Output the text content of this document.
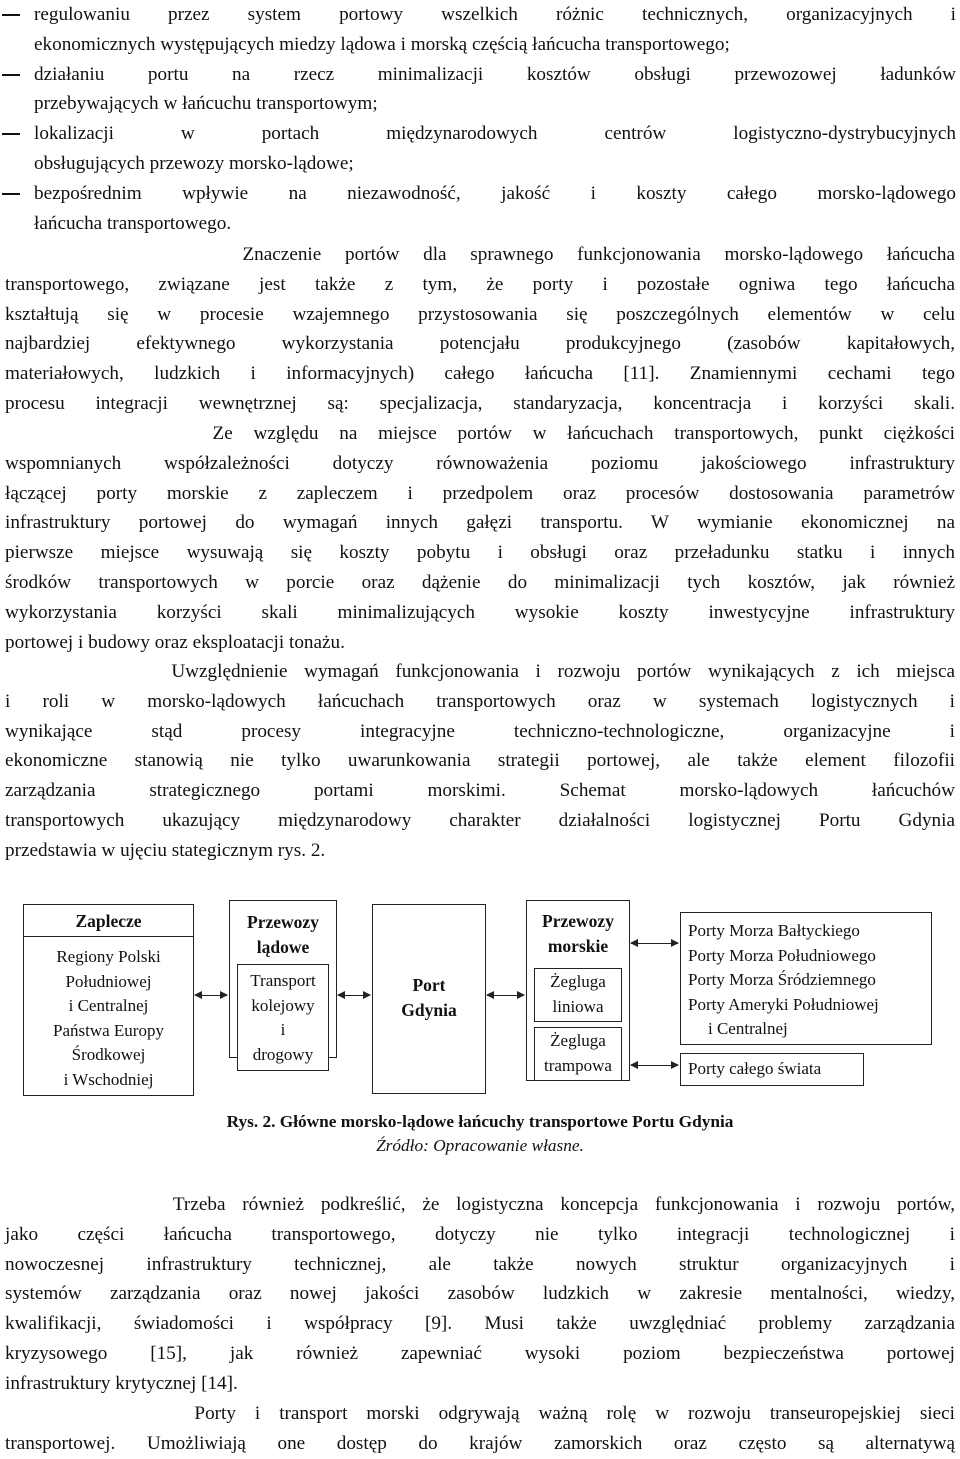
regulowaniu przez system portowy wszelkich różnic technicznych, organizacyjnych i
ekonomicznych występujących miedzy lądowa i morską częścią łańcucha transportowego;

działaniu portu na rzecz minimalizacji kosztów obsługi przewozowej ładunków
przebywających w łańcuchu transportowym;

lokalizacji w portach międzynarodowych centrów logistyczno-dystrybucyjnych
obsługujących przewozy morsko-lądowe;

bezpośrednim wpływie na niezawodność, jakość i koszty całego morsko-lądowego
łańcucha transportowego.

Znaczenie portów dla sprawnego funkcjonowania morsko-lądowego łańcucha
transportowego, związane jest także z tym, że porty i pozostałe ogniwa tego łańcucha
kształtują się w procesie wzajemnego przystosowania się poszczególnych elementów w celu
najbardziej efektywnego wykorzystania potencjału produkcyjnego (zasobów kapitałowych,
materiałowych, ludzkich i informacyjnych) całego łańcucha [11]. Znamiennymi cechami tego
procesu integracji wewnętrznej są: specjalizacja, standaryzacja, koncentracja i korzyści skali.
Ze względu na miejsce portów w łańcuchach transportowych, punkt ciężkości
wspomnianych współzależności dotyczy równoważenia poziomu jakościowego infrastruktury
łączącej porty morskie z zapleczem i przedpolem oraz procesów dostosowania parametrów
infrastruktury portowej do wymagań innych gałęzi transportu. W wymianie ekonomicznej na
pierwsze miejsce wysuwają się koszty pobytu i obsługi oraz przeładunku statku i innych
środków transportowych w porcie oraz dążenie do minimalizacji tych kosztów, jak również
wykorzystania korzyści skali minimalizujących wysokie koszty inwestycyjne infrastruktury
portowej i budowy oraz eksploatacji tonażu.
Uwzględnienie wymagań funkcjonowania i rozwoju portów wynikających z ich miejsca
i roli w morsko-lądowych łańcuchach transportowych oraz w systemach logistycznych i
wynikające stąd procesy integracyjne techniczno-technologiczne, organizacyjne i
ekonomiczne stanowią nie tylko uwarunkowania strategii portowej, ale także element filozofii
zarządzania strategicznego portami morskimi. Schemat morsko-lądowych łańcuchów
transportowych ukazujący międzynarodowy charakter działalności logistycznej Portu Gdynia
przedstawia w ujęciu stategicznym rys. 2.
Zaplecze
Regiony Polski
Południowej
i Centralnej
Państwa Europy
Środkowej
i Wschodniej
Przewozy
lądowe
Transport
kolejowy
i
drogowy
Port
Gdynia
Przewozy
morskie
Żegluga
liniowa
Żegluga
trampowa
Porty Morza Bałtyckiego
Porty Morza Południowego
Porty Morza Śródziemnego
Porty Ameryki Południowej
i Centralnej
Porty całego świata
Rys. 2. Główne morsko-lądowe łańcuchy transportowe Portu Gdynia
Źródło: Opracowanie własne.
Trzeba również podkreślić, że logistyczna koncepcja funkcjonowania i rozwoju portów,
jako części łańcucha transportowego, dotyczy nie tylko integracji technologicznej i
nowoczesnej infrastruktury technicznej, ale także nowych struktur organizacyjnych i
systemów zarządzania oraz nowej jakości zasobów ludzkich w zakresie mentalności, wiedzy,
kwalifikacji, świadomości i współpracy [9]. Musi także uwzględniać problemy zarządzania
kryzysowego [15], jak również zapewniać wysoki poziom bezpieczeństwa portowej
infrastruktury krytycznej [14].
Porty i transport morski odgrywają ważną rolę w rozwoju transeuropejskiej sieci
transportowej. Umożliwiają one dostęp do krajów zamorskich oraz często są alternatywą
